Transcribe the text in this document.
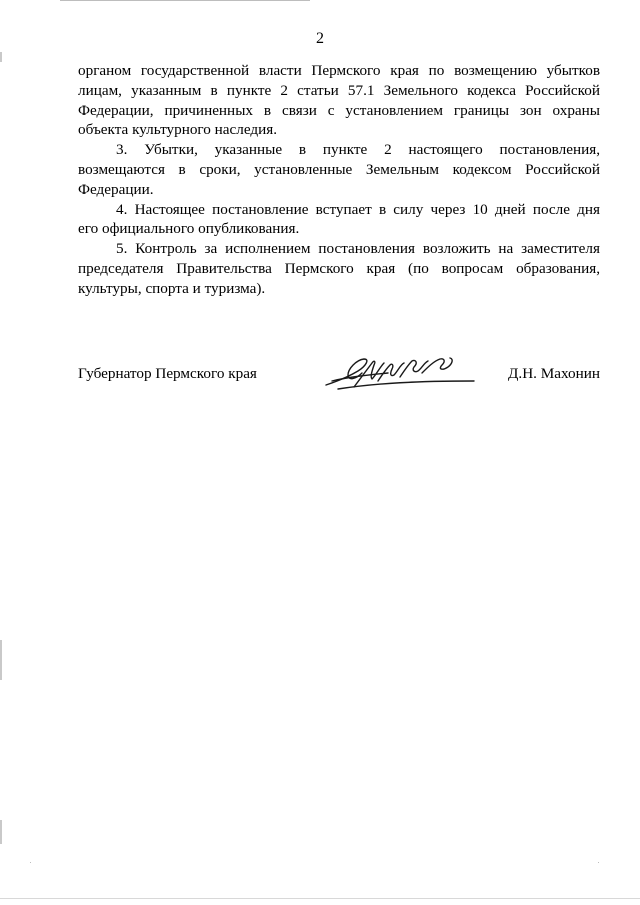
2
органом государственной власти Пермского края по возмещению убытков
лицам, указанным в пункте 2 статьи 57.1 Земельного кодекса Российской
Федерации, причиненных в связи с установлением границы зон охраны
объекта культурного наследия.
3. Убытки, указанные в пункте 2 настоящего постановления,
возмещаются в сроки, установленные Земельным кодексом Российской
Федерации.
4. Настоящее постановление вступает в силу через 10 дней после дня
его официального опубликования.
5. Контроль за исполнением постановления возложить на заместителя
председателя Правительства Пермского края (по вопросам образования,
культуры, спорта и туризма).
Губернатор Пермского края	Д.Н. Махонин
